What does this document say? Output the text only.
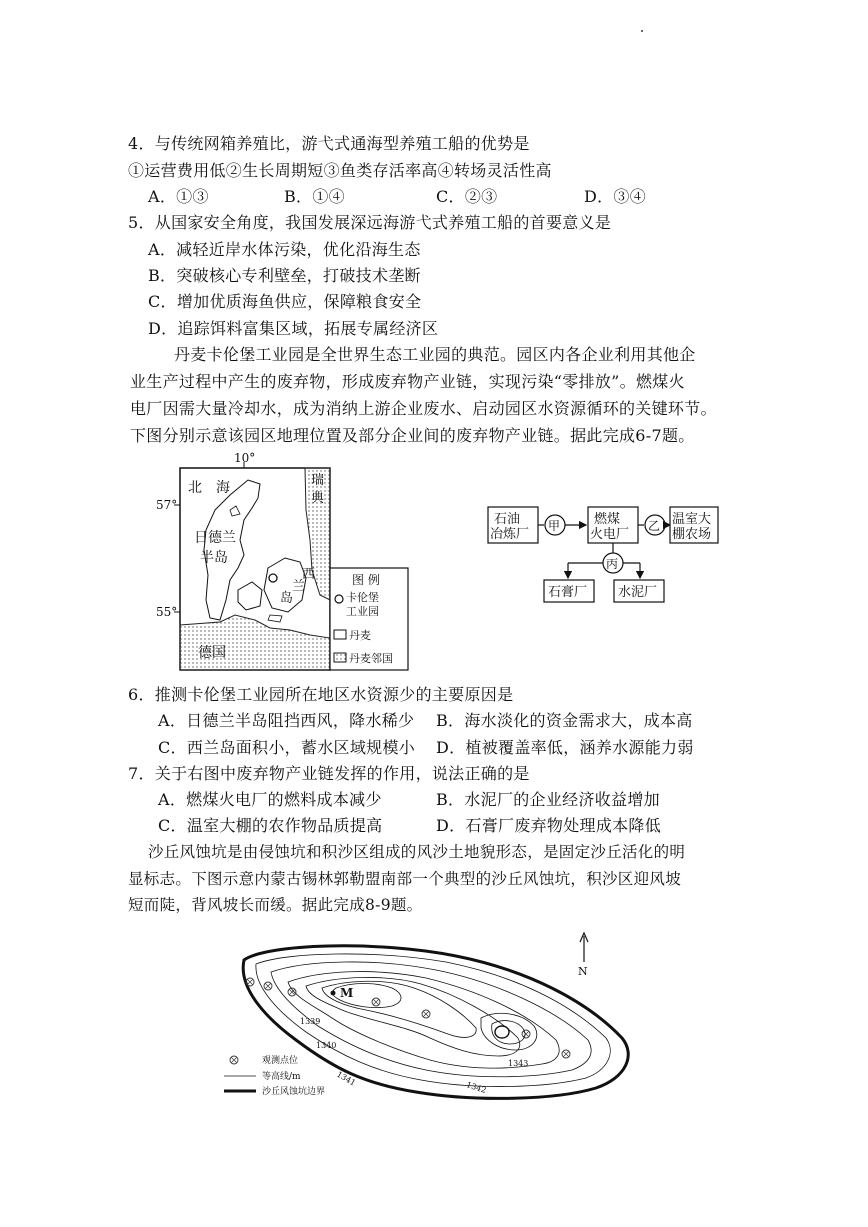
4．与传统网箱养殖比，游弋式通海型养殖工船的优势是
①运营费用低②生长周期短③鱼类存活率高④转场灵活性高
A．①③	B．①④	C．②③	D．③④
5．从国家安全角度，我国发展深远海游弋式养殖工船的首要意义是
A．减轻近岸水体污染，优化沿海生态
B．突破核心专利壁垒，打破技术垄断
C．增加优质海鱼供应，保障粮食安全
D．追踪饵料富集区域，拓展专属经济区
丹麦卡伦堡工业园是全世界生态工业园的典范。园区内各企业利用其他企
业生产过程中产生的废弃物，形成废弃物产业链，实现污染“零排放”。燃煤火
电厂因需大量冷却水，成为消纳上游企业废水、启动园区水资源循环的关键环节。
下图分别示意该园区地理位置及部分企业间的废弃物产业链。据此完成6-7题。
10°
57°
55°
北　海	瑞
典
日德兰
半岛
西
兰
岛
德国
图 例
卡伦堡
工业园
丹麦
丹麦邻国
石油
冶炼厂
甲	燃煤
火电厂
乙 温室大
棚农场
丙
石膏厂 水泥厂
6．推测卡伦堡工业园所在地区水资源少的主要原因是
A．日德兰半岛阻挡西风，降水稀少 B．海水淡化的资金需求大，成本高
C．西兰岛面积小，蓄水区域规模小 D．植被覆盖率低，涵养水源能力弱
7．关于右图中废弃物产业链发挥的作用，说法正确的是
A．燃煤火电厂的燃料成本减少	B．水泥厂的企业经济收益增加
C．温室大棚的农作物品质提高	D．石膏厂废弃物处理成本降低
沙丘风蚀坑是由侵蚀坑和积沙区组成的风沙土地貌形态，是固定沙丘活化的明
显标志。下图示意内蒙古锡林郭勒盟南部一个典型的沙丘风蚀坑，积沙区迎风坡
短而陡，背风坡长而缓。据此完成8-9题。
N
M
1339
1340
1341	1342
1343
观测点位
等高线/m
沙丘风蚀坑边界
